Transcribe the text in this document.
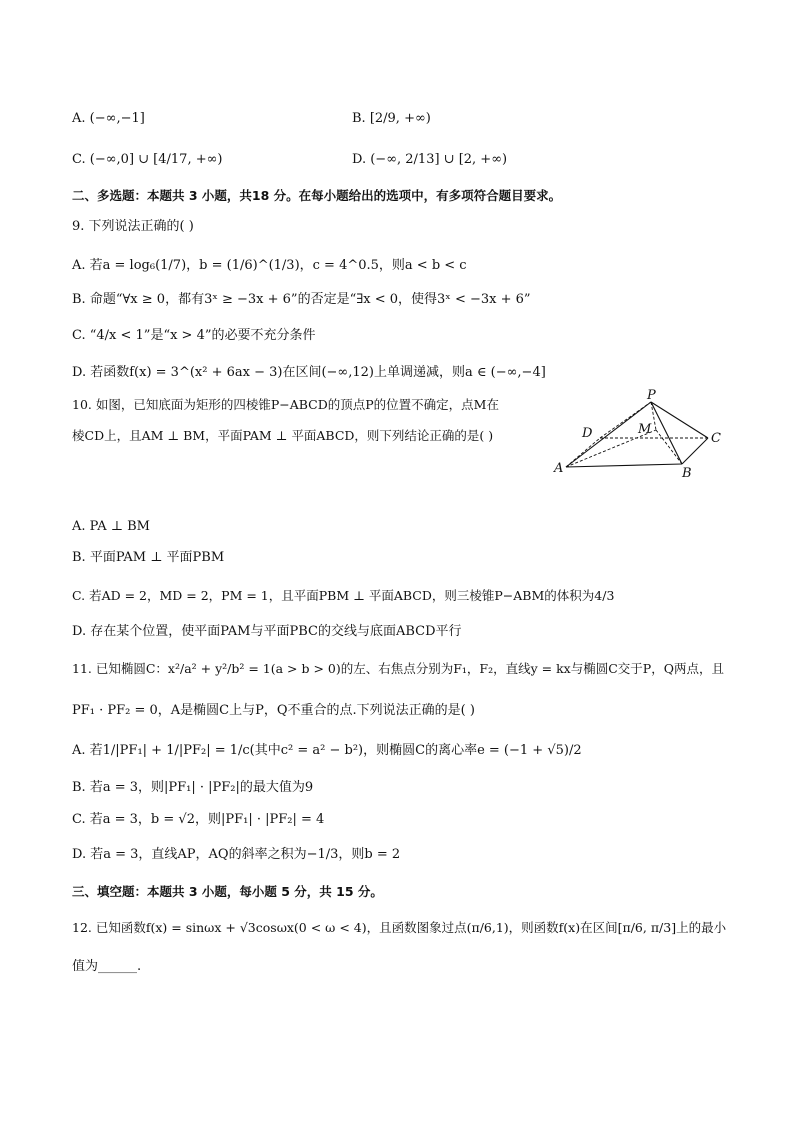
A. (−∞,−1]	B. [2/9, +∞)
C. (−∞,0] ∪ [4/17, +∞)	D. (−∞, 2/13] ∪ [2, +∞)
二、多选题：本题共 3 小题，共18 分。在每小题给出的选项中，有多项符合题目要求。
9. 下列说法正确的( )
A. 若a = log₆(1/7)，b = (1/6)^(1/3)，c = 4^0.5，则a < b < c
B. 命题“∀x ≥ 0，都有3ˣ ≥ −3x + 6”的否定是“∃x < 0，使得3ˣ < −3x + 6”
C. “4/x < 1”是“x > 4”的必要不充分条件
D. 若函数f(x) = 3^(x² + 6ax − 3)在区间(−∞,12)上单调递减，则a ∈ (−∞,−4]
10. 如图，已知底面为矩形的四棱锥P−ABCD的顶点P的位置不确定，点M在
棱CD上，且AM ⊥ BM，平面PAM ⊥ 平面ABCD，则下列结论正确的是( )
P
D	M
C
A	B
A. PA ⊥ BM
B. 平面PAM ⊥ 平面PBM
C. 若AD = 2，MD = 2，PM = 1，且平面PBM ⊥ 平面ABCD，则三棱锥P−ABM的体积为4/3
D. 存在某个位置，使平面PAM与平面PBC的交线与底面ABCD平行
11. 已知椭圆C：x²/a² + y²/b² = 1(a > b > 0)的左、右焦点分别为F₁，F₂，直线y = kx与椭圆C交于P，Q两点，且
PF₁ · PF₂ = 0，A是椭圆C上与P，Q不重合的点.下列说法正确的是( )
A. 若1/|PF₁| + 1/|PF₂| = 1/c(其中c² = a² − b²)，则椭圆C的离心率e = (−1 + √5)/2
B. 若a = 3，则|PF₁| · |PF₂|的最大值为9
C. 若a = 3，b = √2，则|PF₁| · |PF₂| = 4
D. 若a = 3，直线AP，AQ的斜率之积为−1/3，则b = 2
三、填空题：本题共 3 小题，每小题 5 分，共 15 分。
12. 已知函数f(x) = sinωx + √3cosωx(0 < ω < 4)，且函数图象过点(π/6,1)，则函数f(x)在区间[π/6, π/3]上的最小
值为______.
